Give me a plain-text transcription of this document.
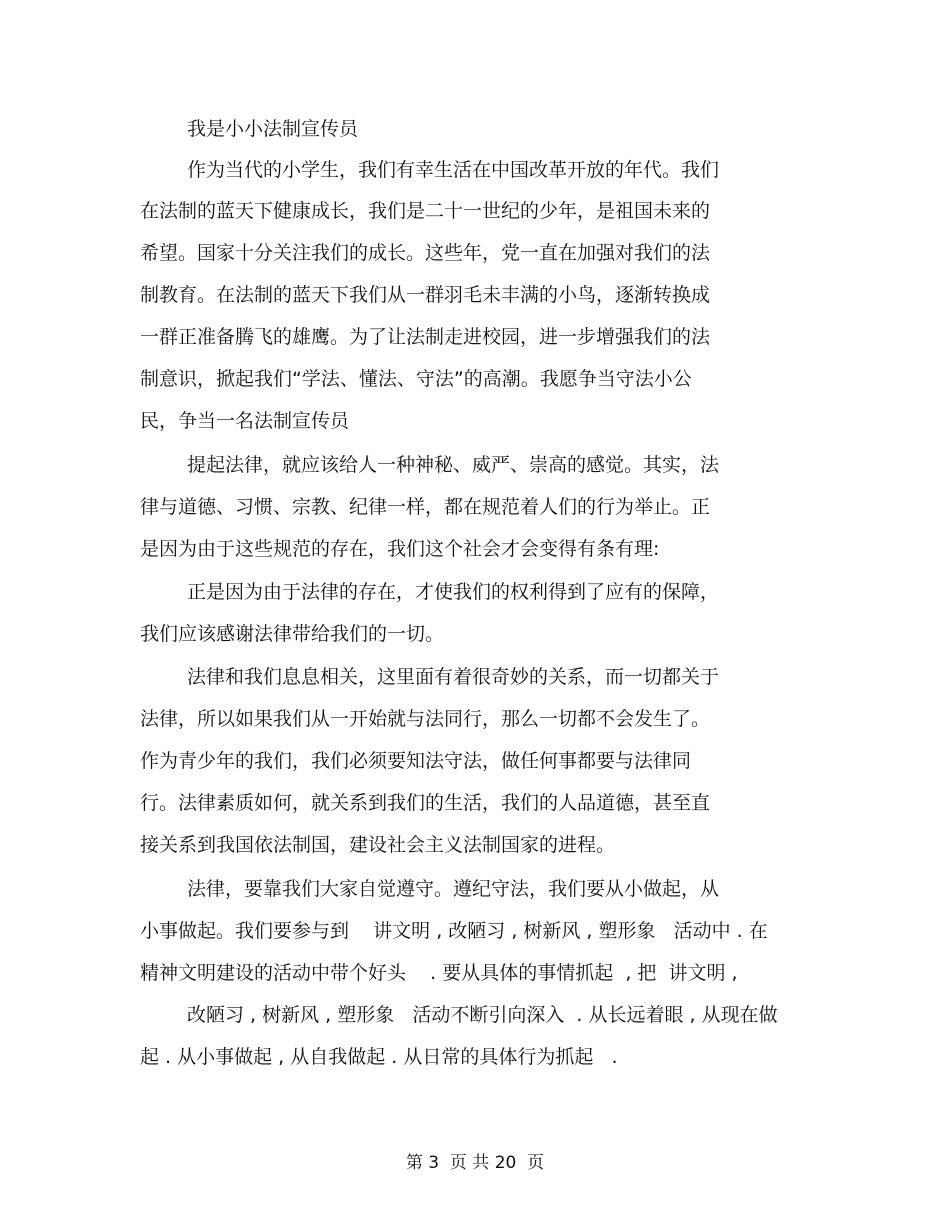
我是小小法制宣传员
作为当代的小学生，我们有幸生活在中国改革开放的年代。我们
在法制的蓝天下健康成长，我们是二十一世纪的少年，是祖国未来的
希望。国家十分关注我们的成长。这些年，党一直在加强对我们的法
制教育。在法制的蓝天下我们从一群羽毛未丰满的小鸟，逐渐转换成
一群正准备腾飞的雄鹰。为了让法制走进校园，进一步增强我们的法
制意识，掀起我们“学法、懂法、守法”的高潮。我愿争当守法小公
民，争当一名法制宣传员
提起法律，就应该给人一种神秘、威严、崇高的感觉。其实，法
律与道德、习惯、宗教、纪律一样，都在规范着人们的行为举止。正
是因为由于这些规范的存在，我们这个社会才会变得有条有理:
正是因为由于法律的存在，才使我们的权利得到了应有的保障，
我们应该感谢法律带给我们的一切。
法律和我们息息相关，这里面有着很奇妙的关系，而一切都关于
法律，所以如果我们从一开始就与法同行，那么一切都不会发生了。
作为青少年的我们，我们必须要知法守法，做任何事都要与法律同
行。法律素质如何，就关系到我们的生活，我们的人品道德，甚至直
接关系到我国依法制国，建设社会主义法制国家的进程。
法律，要靠我们大家自觉遵守。遵纪守法，我们要从小做起，从
小事做起。我们要参与到    讲文明 , 改陋习 , 树新风 , 塑形象   活动中 . 在
精神文明建设的活动中带个好头    . 要从具体的事情抓起  , 把  讲文明 ,
改陋习 , 树新风 , 塑形象   活动不断引向深入  . 从长远着眼 , 从现在做
起 . 从小事做起 , 从自我做起 . 从日常的具体行为抓起   .
第 3  页 共 20  页
